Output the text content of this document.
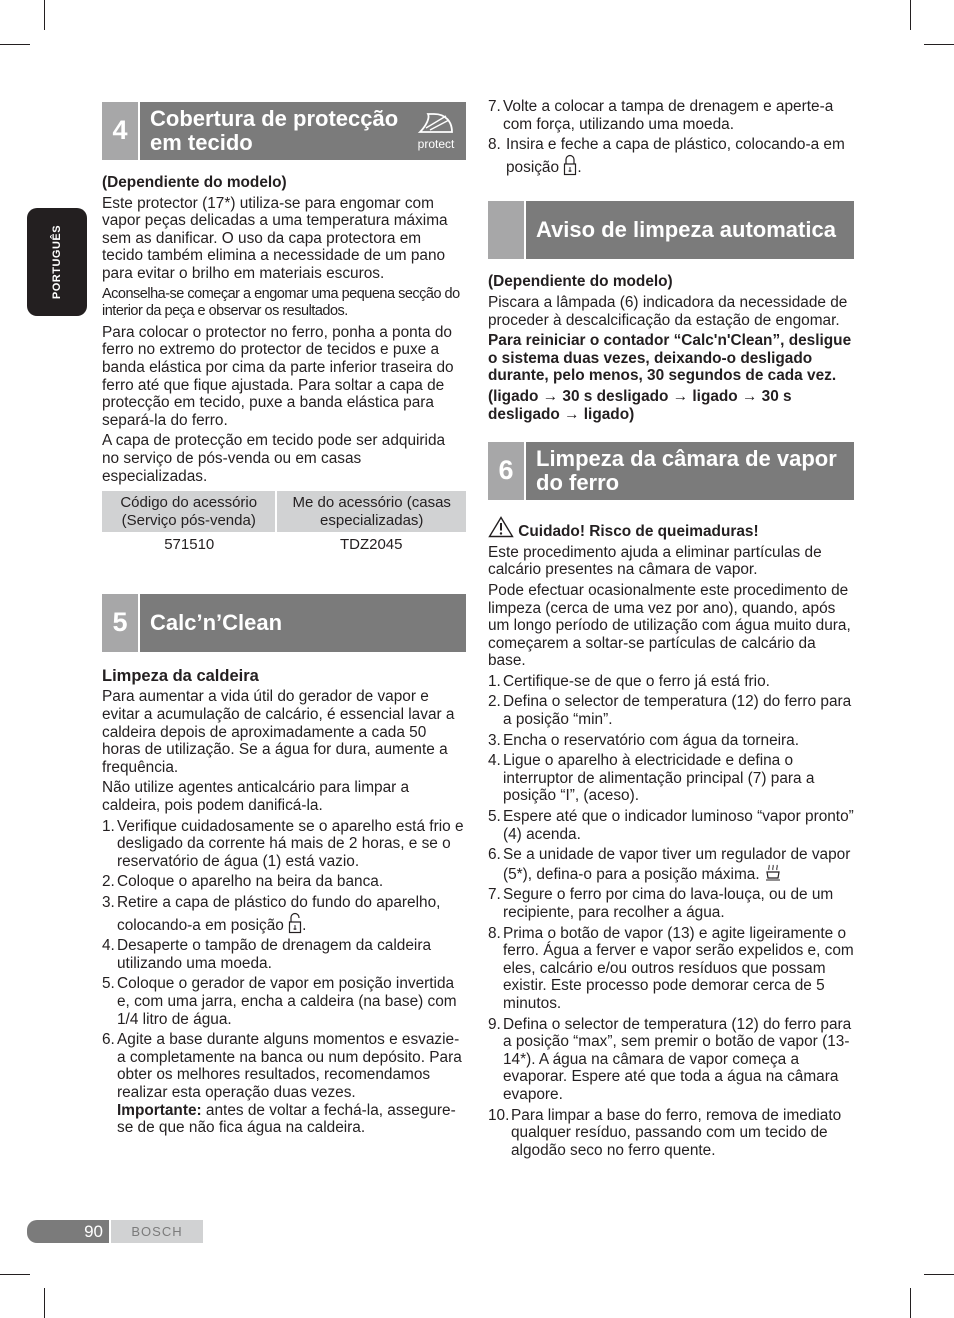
PORTUGUÊS
4	Cobertura de protecção em tecido	protect

(Dependiente do modelo)

Este protector (17*) utiliza-se para engomar com vapor peças delicadas a uma temperatura máxima sem as danificar. O uso da capa protectora em tecido também elimina a necessidade de um pano para evitar o brilho em materiais escuros.

Aconselha-se começar a engomar uma pequena secção do interior da peça e observar os resultados.

Para colocar o protector no ferro, ponha a ponta do ferro no extremo do protector de tecidos e puxe a banda elástica por cima da parte inferior traseira do ferro até que fique ajustada. Para soltar a capa de protecção em tecido, puxe a banda elástica para separá-la do ferro.

A capa de protecção em tecido pode ser adquirida no serviço de pós-venda ou em casas especializadas.

Código do acessório (Serviço pós-venda)	Me do acessório (casas especializadas)
571510	TDZ2045
5	Calc’n’Clean

Limpeza da caldeira

Para aumentar a vida útil do gerador de vapor e evitar a acumulação de calcário, é essencial lavar a caldeira depois de aproximadamente a cada 50 horas de utilização. Se a água for dura, aumente a frequência.

Não utilize agentes anticalcário para limpar a caldeira, pois podem danificá-la.

1. Verifique cuidadosamente se o aparelho está frio e desligado da corrente há mais de 2 horas, e se o reservatório de água (1) está vazio.
2. Coloque o aparelho na beira da banca.
3. Retire a capa de plástico do fundo do aparelho, colocando-a em posição .
4. Desaperte o tampão de drenagem da caldeira utilizando uma moeda.
5. Coloque o gerador de vapor em posição invertida e, com uma jarra, encha a caldeira (na base) com 1/4 litro de água.
6. Agite a base durante alguns momentos e esvazie-a completamente na banca ou num depósito. Para obter os melhores resultados, recomendamos realizar esta operação duas vezes.
Importante: antes de voltar a fechá-la, assegure-se de que não fica água na caldeira.
7. Volte a colocar a tampa de drenagem e aperte-a com força, utilizando uma moeda.
8. Insira e feche a capa de plástico, colocando-a em posição .
Aviso de limpeza automatica

(Dependiente do modelo)

Piscara a lâmpada (6) indicadora da necessidade de proceder à descalcificação da estação de engomar.

Para reiniciar o contador “Calc'n'Clean”, desligue o sistema duas vezes, deixando-o desligado durante, pelo menos, 30 segundos de cada vez.

(ligado → 30 s desligado → ligado → 30 s desligado → ligado)

6	Limpeza da câmara de vapor do ferro

Cuidado! Risco de queimaduras!

Este procedimento ajuda a eliminar partículas de calcário presentes na câmara de vapor.

Pode efectuar ocasionalmente este procedimento de limpeza (cerca de uma vez por ano), quando, após um longo período de utilização com água muito dura, começarem a soltar-se partículas de calcário da base.

1. Certifique-se de que o ferro já está frio.
2. Defina o selector de temperatura (12) do ferro para a posição “min”.
3. Encha o reservatório com água da torneira.
4. Ligue o aparelho à electricidade e defina o interruptor de alimentação principal (7) para a posição “I”, (aceso).
5. Espere até que o indicador luminoso “vapor pronto” (4) acenda.
6. Se a unidade de vapor tiver um regulador de vapor (5*), defina-o para a posição máxima.
7. Segure o ferro por cima do lava-louça, ou de um recipiente, para recolher a água.
8. Prima o botão de vapor (13) e agite ligeiramente o ferro. Água a ferver e vapor serão expelidos e, com eles, calcário e/ou outros resíduos que possam existir. Este processo pode demorar cerca de 5 minutos.
9. Defina o selector de temperatura (12) do ferro para a posição “max”, sem premir o botão de vapor (13-14*). A água na câmara de vapor começa a evaporar. Espere até que toda a água na câmara evapore.
10. Para limpar a base do ferro, remova de imediato qualquer resíduo, passando com um tecido de algodão seco no ferro quente.
90	BOSCH
